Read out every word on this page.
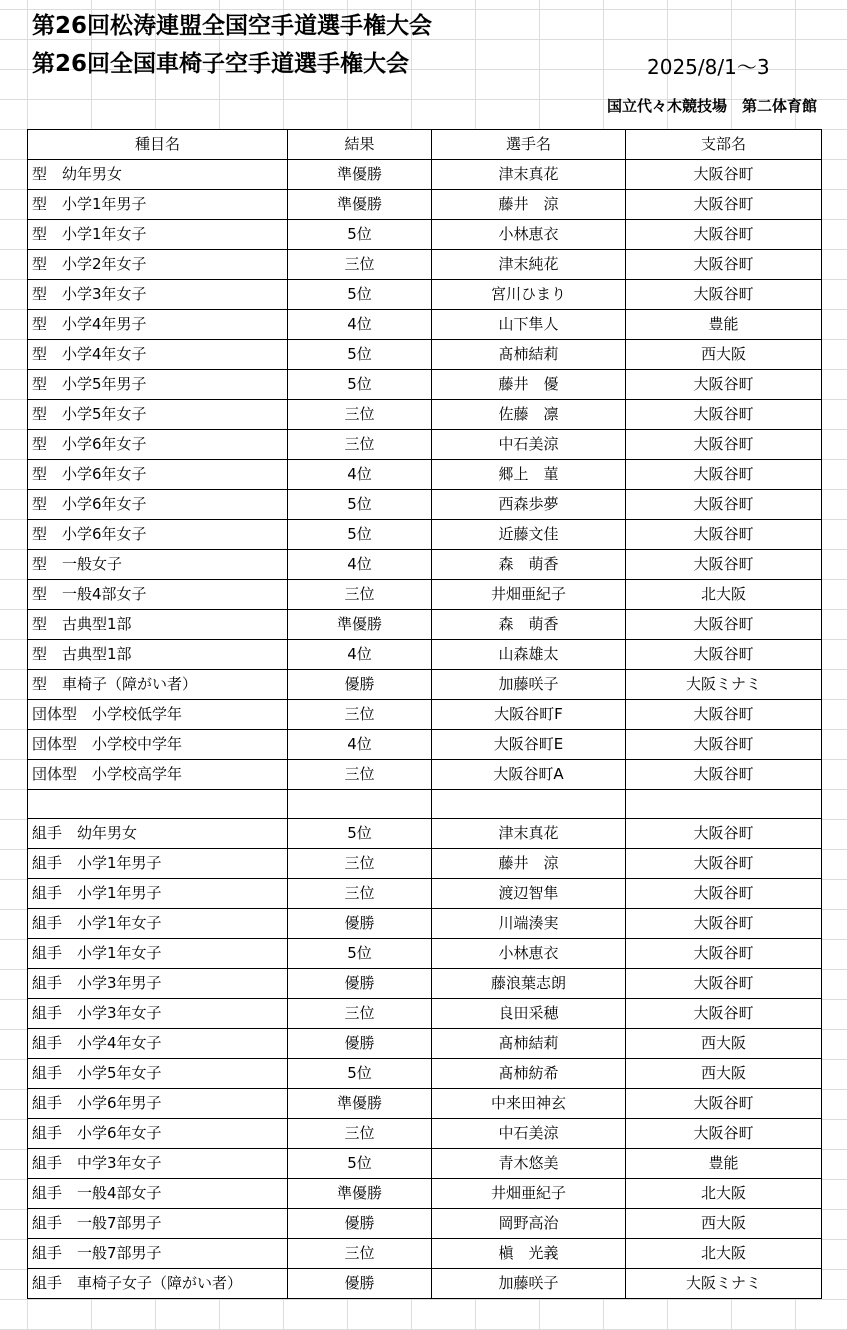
第26回松涛連盟全国空手道選手権大会
第26回全国車椅子空手道選手権大会	2025/8/1～3
国立代々木競技場　第二体育館
種目名	結果	選手名	支部名
型　幼年男女	準優勝	津末真花	大阪谷町
型　小学1年男子	準優勝	藤井　涼	大阪谷町
型　小学1年女子	5位	小林恵衣	大阪谷町
型　小学2年女子	三位	津末純花	大阪谷町
型　小学3年女子	5位	宮川ひまり	大阪谷町
型　小学4年男子	4位	山下隼人	豊能
型　小学4年女子	5位	髙柿結莉	西大阪
型　小学5年男子	5位	藤井　優	大阪谷町
型　小学5年女子	三位	佐藤　凛	大阪谷町
型　小学6年女子	三位	中石美涼	大阪谷町
型　小学6年女子	4位	郷上　菫	大阪谷町
型　小学6年女子	5位	西森歩夢	大阪谷町
型　小学6年女子	5位	近藤文佳	大阪谷町
型　一般女子	4位	森　萌香	大阪谷町
型　一般4部女子	三位	井畑亜紀子	北大阪
型　古典型1部	準優勝	森　萌香	大阪谷町
型　古典型1部	4位	山森雄太	大阪谷町
型　車椅子（障がい者）	優勝	加藤咲子	大阪ミナミ
団体型　小学校低学年	三位	大阪谷町F	大阪谷町
団体型　小学校中学年	4位	大阪谷町E	大阪谷町
団体型　小学校高学年	三位	大阪谷町A	大阪谷町

組手　幼年男女	5位	津末真花	大阪谷町
組手　小学1年男子	三位	藤井　涼	大阪谷町
組手　小学1年男子	三位	渡辺智隼	大阪谷町
組手　小学1年女子	優勝	川端湊実	大阪谷町
組手　小学1年女子	5位	小林恵衣	大阪谷町
組手　小学3年男子	優勝	藤浪葉志朗	大阪谷町
組手　小学3年女子	三位	良田采穂	大阪谷町
組手　小学4年女子	優勝	髙柿結莉	西大阪
組手　小学5年女子	5位	髙柿紡希	西大阪
組手　小学6年男子	準優勝	中来田神玄	大阪谷町
組手　小学6年女子	三位	中石美涼	大阪谷町
組手　中学3年女子	5位	青木悠美	豊能
組手　一般4部女子	準優勝	井畑亜紀子	北大阪
組手　一般7部男子	優勝	岡野高治	西大阪
組手　一般7部男子	三位	槇　光義	北大阪
組手　車椅子女子（障がい者）	優勝	加藤咲子	大阪ミナミ
